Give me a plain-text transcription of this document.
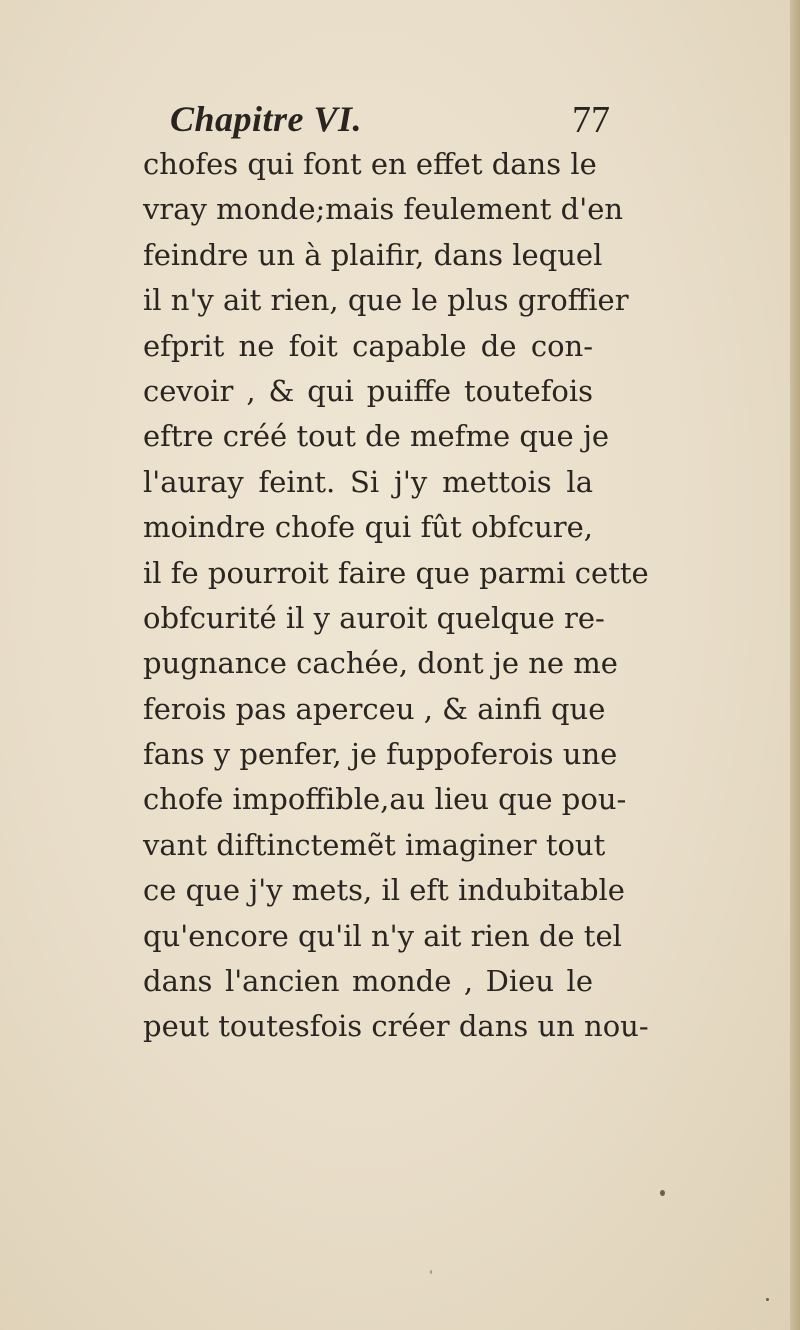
Chapitre VI.	77
chofes qui font en effet dans le
vray monde;mais feulement d'en
feindre un à plaifir, dans lequel
il n'y ait rien, que le plus groffier
efprit ne foit capable de con-
cevoir , & qui puiffe toutefois
eftre créé tout de mefme que je
l'auray feint. Si j'y mettois la
moindre chofe qui fût obfcure,
il fe pourroit faire que parmi cette
obfcurité il y auroit quelque re-
pugnance cachée, dont je ne me
ferois pas aperceu , & ainfi que
fans y penfer, je fuppoferois une
chofe impoffible,au lieu que pou-
vant diftinctemẽt imaginer tout
ce que j'y mets, il eft indubitable
qu'encore qu'il n'y ait rien de tel
dans l'ancien monde , Dieu le
peut toutesfois créer dans un nou-
